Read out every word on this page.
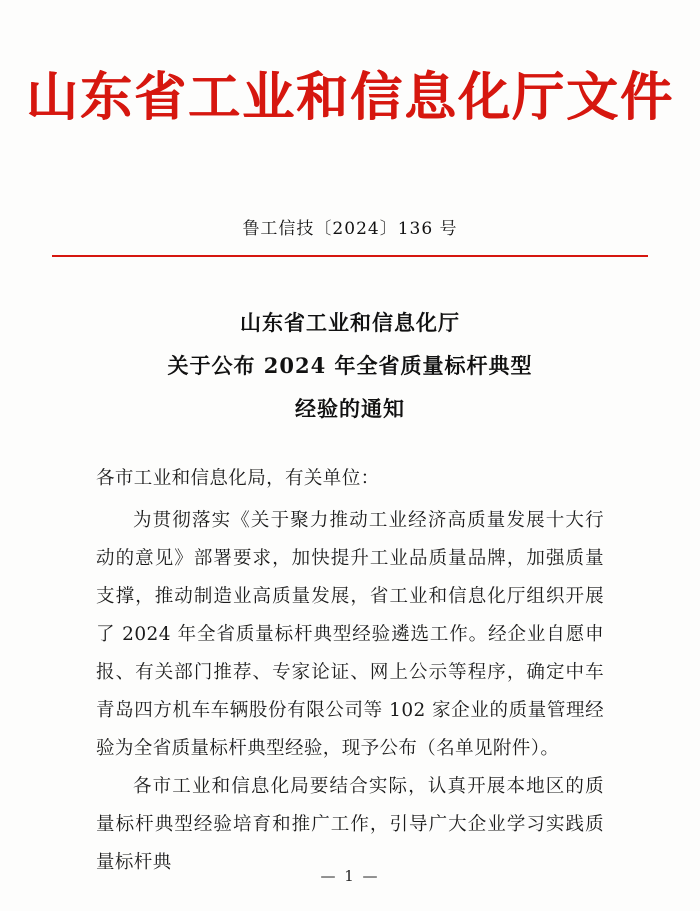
山东省工业和信息化厅文件
鲁工信技〔2024〕136 号
山东省工业和信息化厅
关于公布 2024 年全省质量标杆典型
经验的通知
各市工业和信息化局，有关单位：

为贯彻落实《关于聚力推动工业经济高质量发展十大行动的意见》部署要求，加快提升工业品质量品牌，加强质量支撑，推动制造业高质量发展，省工业和信息化厅组织开展了 2024 年全省质量标杆典型经验遴选工作。经企业自愿申报、有关部门推荐、专家论证、网上公示等程序，确定中车青岛四方机车车辆股份有限公司等 102 家企业的质量管理经验为全省质量标杆典型经验，现予公布（名单见附件）。

各市工业和信息化局要结合实际，认真开展本地区的质量标杆典型经验培育和推广工作，引导广大企业学习实践质量标杆典

— 1 —
